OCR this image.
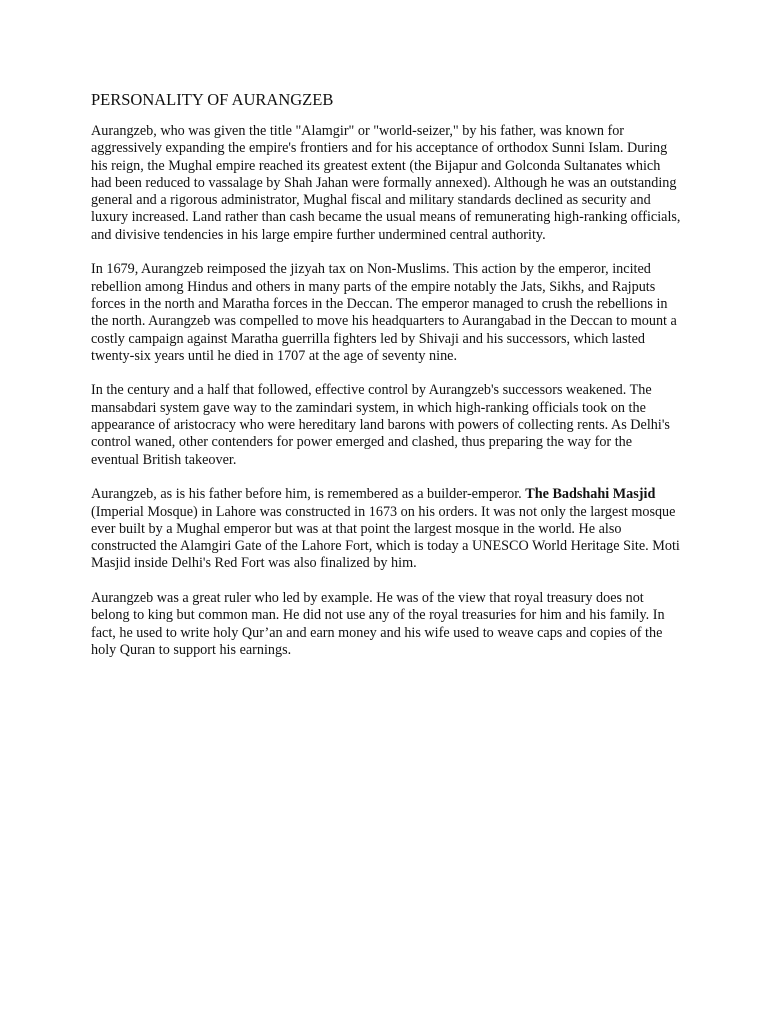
PERSONALITY OF AURANGZEB

Aurangzeb, who was given the title "Alamgir" or "world-seizer," by his father, was known for aggressively expanding the empire's frontiers and for his acceptance of orthodox Sunni Islam. During his reign, the Mughal empire reached its greatest extent (the Bijapur and Golconda Sultanates which had been reduced to vassalage by Shah Jahan were formally annexed). Although he was an outstanding general and a rigorous administrator, Mughal fiscal and military standards declined as security and luxury increased. Land rather than cash became the usual means of remunerating high-ranking officials, and divisive tendencies in his large empire further undermined central authority.

In 1679, Aurangzeb reimposed the jizyah tax on Non-Muslims. This action by the emperor, incited rebellion among Hindus and others in many parts of the empire notably the Jats, Sikhs, and Rajputs forces in the north and Maratha forces in the Deccan. The emperor managed to crush the rebellions in the north. Aurangzeb was compelled to move his headquarters to Aurangabad in the Deccan to mount a costly campaign against Maratha guerrilla fighters led by Shivaji and his successors, which lasted twenty-six years until he died in 1707 at the age of seventy nine.

In the century and a half that followed, effective control by Aurangzeb's successors weakened. The mansabdari system gave way to the zamindari system, in which high-ranking officials took on the appearance of aristocracy who were hereditary land barons with powers of collecting rents. As Delhi's control waned, other contenders for power emerged and clashed, thus preparing the way for the eventual British takeover.

Aurangzeb, as is his father before him, is remembered as a builder-emperor. The Badshahi Masjid (Imperial Mosque) in Lahore was constructed in 1673 on his orders. It was not only the largest mosque ever built by a Mughal emperor but was at that point the largest mosque in the world. He also constructed the Alamgiri Gate of the Lahore Fort, which is today a UNESCO World Heritage Site. Moti Masjid inside Delhi's Red Fort was also finalized by him.

Aurangzeb was a great ruler who led by example. He was of the view that royal treasury does not belong to king but common man. He did not use any of the royal treasuries for him and his family. In fact, he used to write holy Qur’an and earn money and his wife used to weave caps and copies of the holy Quran to support his earnings.
